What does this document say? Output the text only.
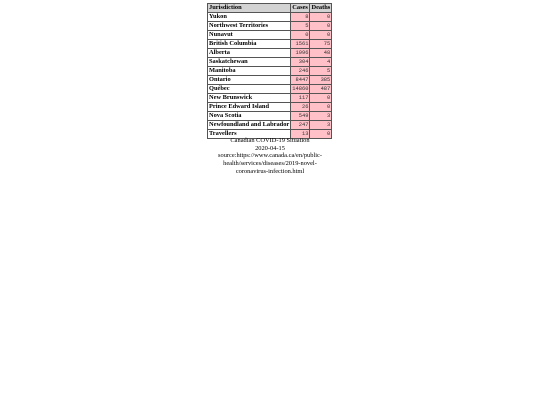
Jurisdiction	Cases	Deaths
Yukon	8	0
Northwest Territories	5	0
Nunavut	0	0
British Columbia	1561	75
Alberta	1996	48
Saskatchewan	304	4
Manitoba	246	5
Ontario	8447	385
Québec	14860	487
New Brunswick	117	0
Prince Edward Island	26	0
Nova Scotia	549	3
Newfoundland and Labrador	247	3
Travellers	13	0
Canadian COVID-19 Situation
2020-04-15
source:https://www.canada.ca/en/public-
health/services/diseases/2019-novel-
coronavirus-infection.html
